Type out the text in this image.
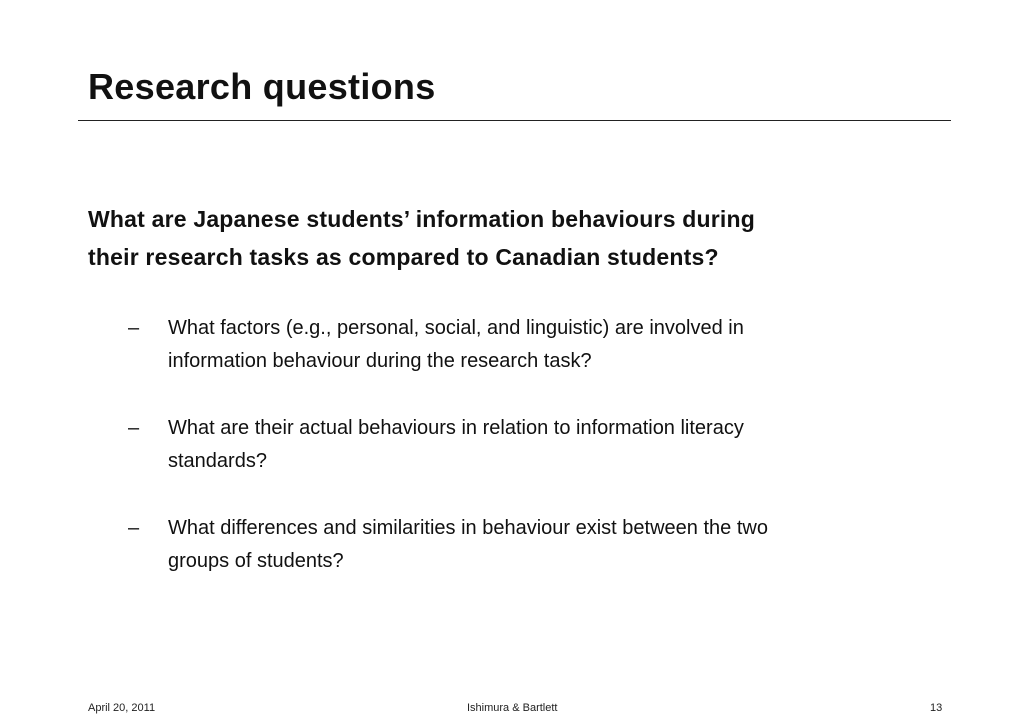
Research questions
What are Japanese students’ information behaviours during
their research tasks as compared to Canadian students?
– What factors (e.g., personal, social, and linguistic) are involved in
information behaviour during the research task?
– What are their actual behaviours in relation to information literacy
standards?
– What differences and similarities in behaviour exist between the two
groups of students?
April 20, 2011	Ishimura & Bartlett	13
